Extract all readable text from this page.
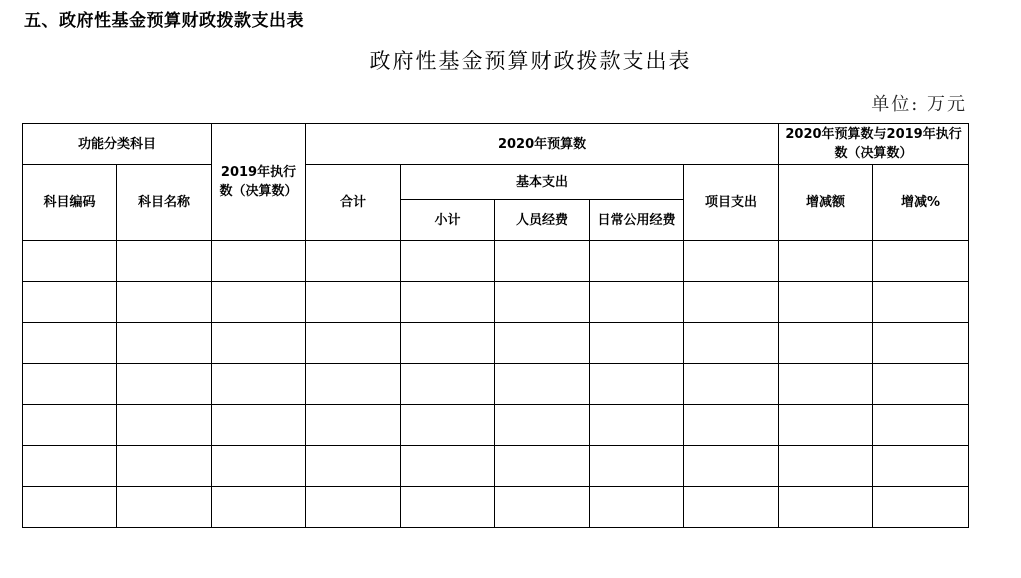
五、政府性基金预算财政拨款支出表
政府性基金预算财政拨款支出表
单位: 万元
功能分类科目		2019年执行数（决算数）	2020年预算数					2020年预算数与2019年执行数（决算数）	
科目编码	科目名称		合计	基本支出			项目支出	增减额	增减%
				小计	人员经费	日常公用经费			
